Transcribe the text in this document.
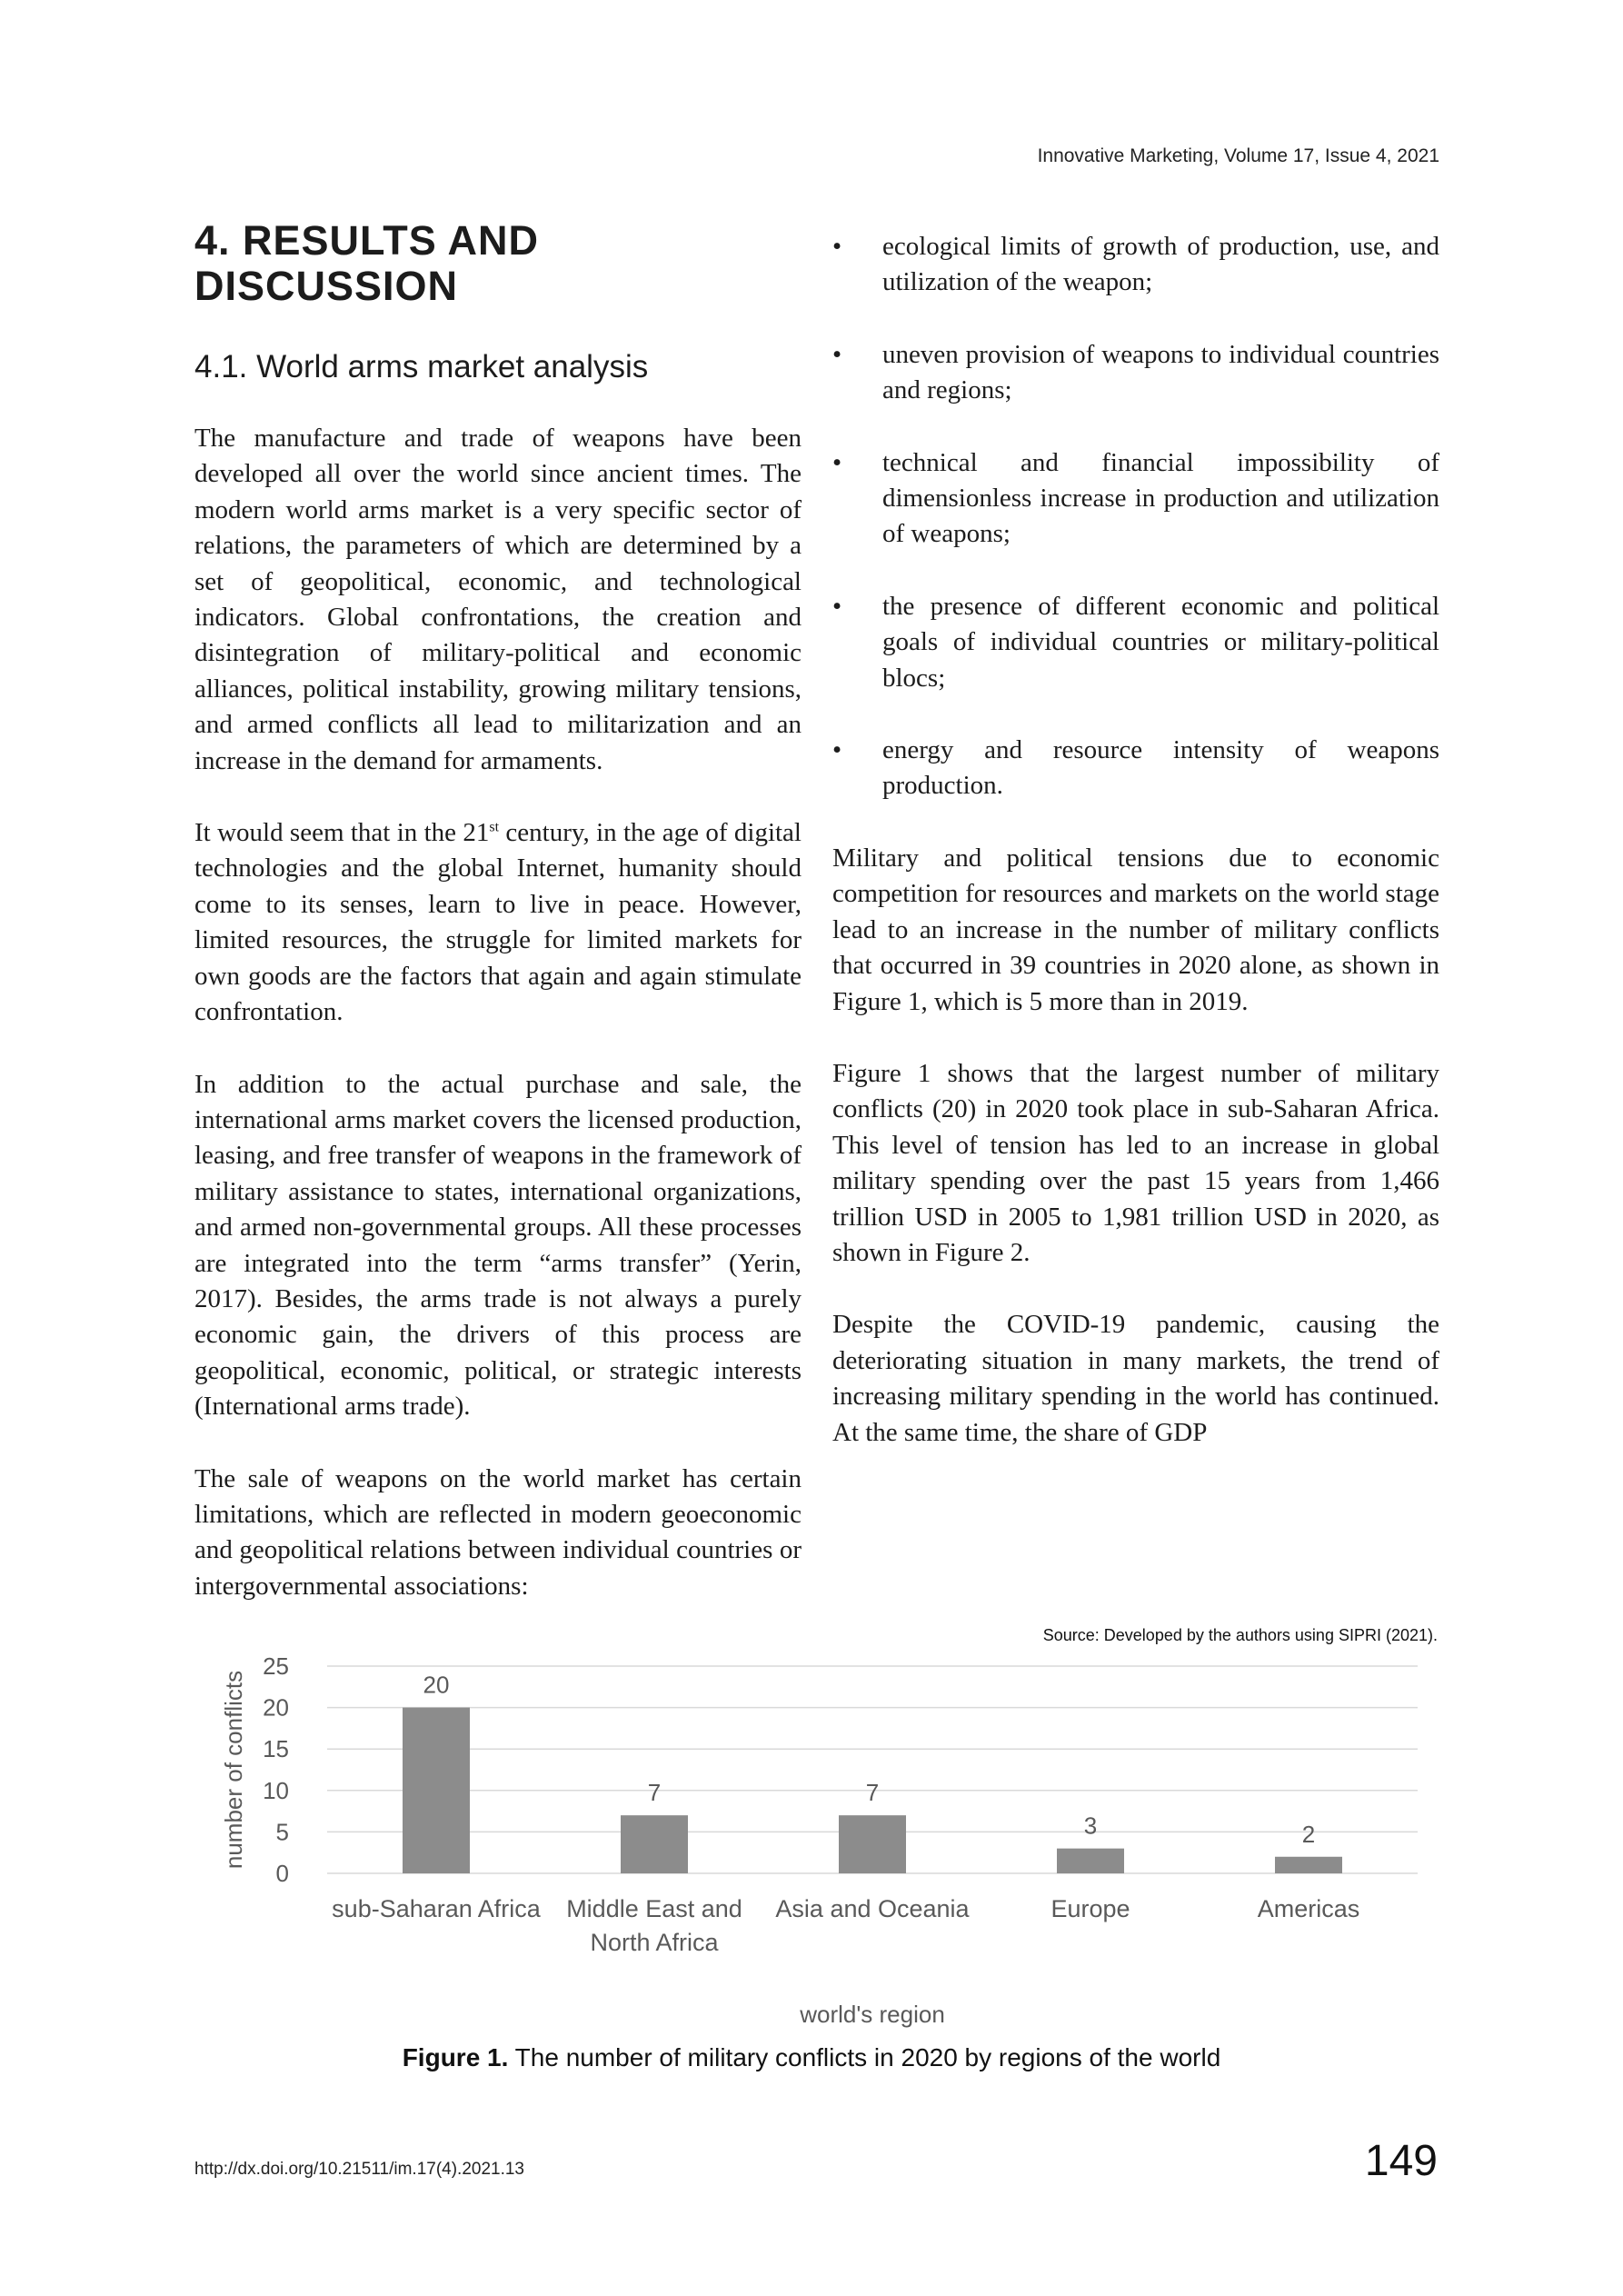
Innovative Marketing, Volume 17, Issue 4, 2021
4. RESULTS AND DISCUSSION
4.1. World arms market analysis

The manufacture and trade of weapons have been developed all over the world since ancient times. The modern world arms market is a very specific sector of relations, the parameters of which are determined by a set of geopolitical, economic, and technological indicators. Global confrontations, the creation and disintegration of military-political and economic alliances, political instability, growing military tensions, and armed conflicts all lead to militarization and an increase in the demand for armaments.

It would seem that in the 21st century, in the age of digital technologies and the global Internet, humanity should come to its senses, learn to live in peace. However, limited resources, the struggle for limited markets for own goods are the factors that again and again stimulate confrontation.

In addition to the actual purchase and sale, the international arms market covers the licensed production, leasing, and free transfer of weapons in the framework of military assistance to states, international organizations, and armed non-governmental groups. All these processes are integrated into the term “arms transfer” (Yerin, 2017). Besides, the arms trade is not always a purely economic gain, the drivers of this process are geopolitical, economic, political, or strategic interests (International arms trade).

The sale of weapons on the world market has certain limitations, which are reflected in modern geoeconomic and geopolitical relations between individual countries or intergovernmental associations:

• ecological limits of growth of production, use, and utilization of the weapon;
• uneven provision of weapons to individual countries and regions;
• technical and financial impossibility of dimensionless increase in production and utilization of weapons;
• the presence of different economic and political goals of individual countries or military-political blocs;
• energy and resource intensity of weapons production.

Military and political tensions due to economic competition for resources and markets on the world stage lead to an increase in the number of military conflicts that occurred in 39 countries in 2020 alone, as shown in Figure 1, which is 5 more than in 2019.

Figure 1 shows that the largest number of military conflicts (20) in 2020 took place in sub-Saharan Africa. This level of tension has led to an increase in global military spending over the past 15 years from 1,466 trillion USD in 2005 to 1,981 trillion USD in 2020, as shown in Figure 2.

Despite the COVID-19 pandemic, causing the deteriorating situation in many markets, the trend of increasing military spending in the world has continued. At the same time, the share of GDP

Source: Developed by the authors using SIPRI (2021).
0
5
10
15
20
25
number of conflicts	20
sub-Saharan Africa
7
Middle East and
North Africa
7
Asia and Oceania
3
Europe
2
Americas
world's region
Figure 1. The number of military conflicts in 2020 by regions of the world
http://dx.doi.org/10.21511/im.17(4).2021.13	149
